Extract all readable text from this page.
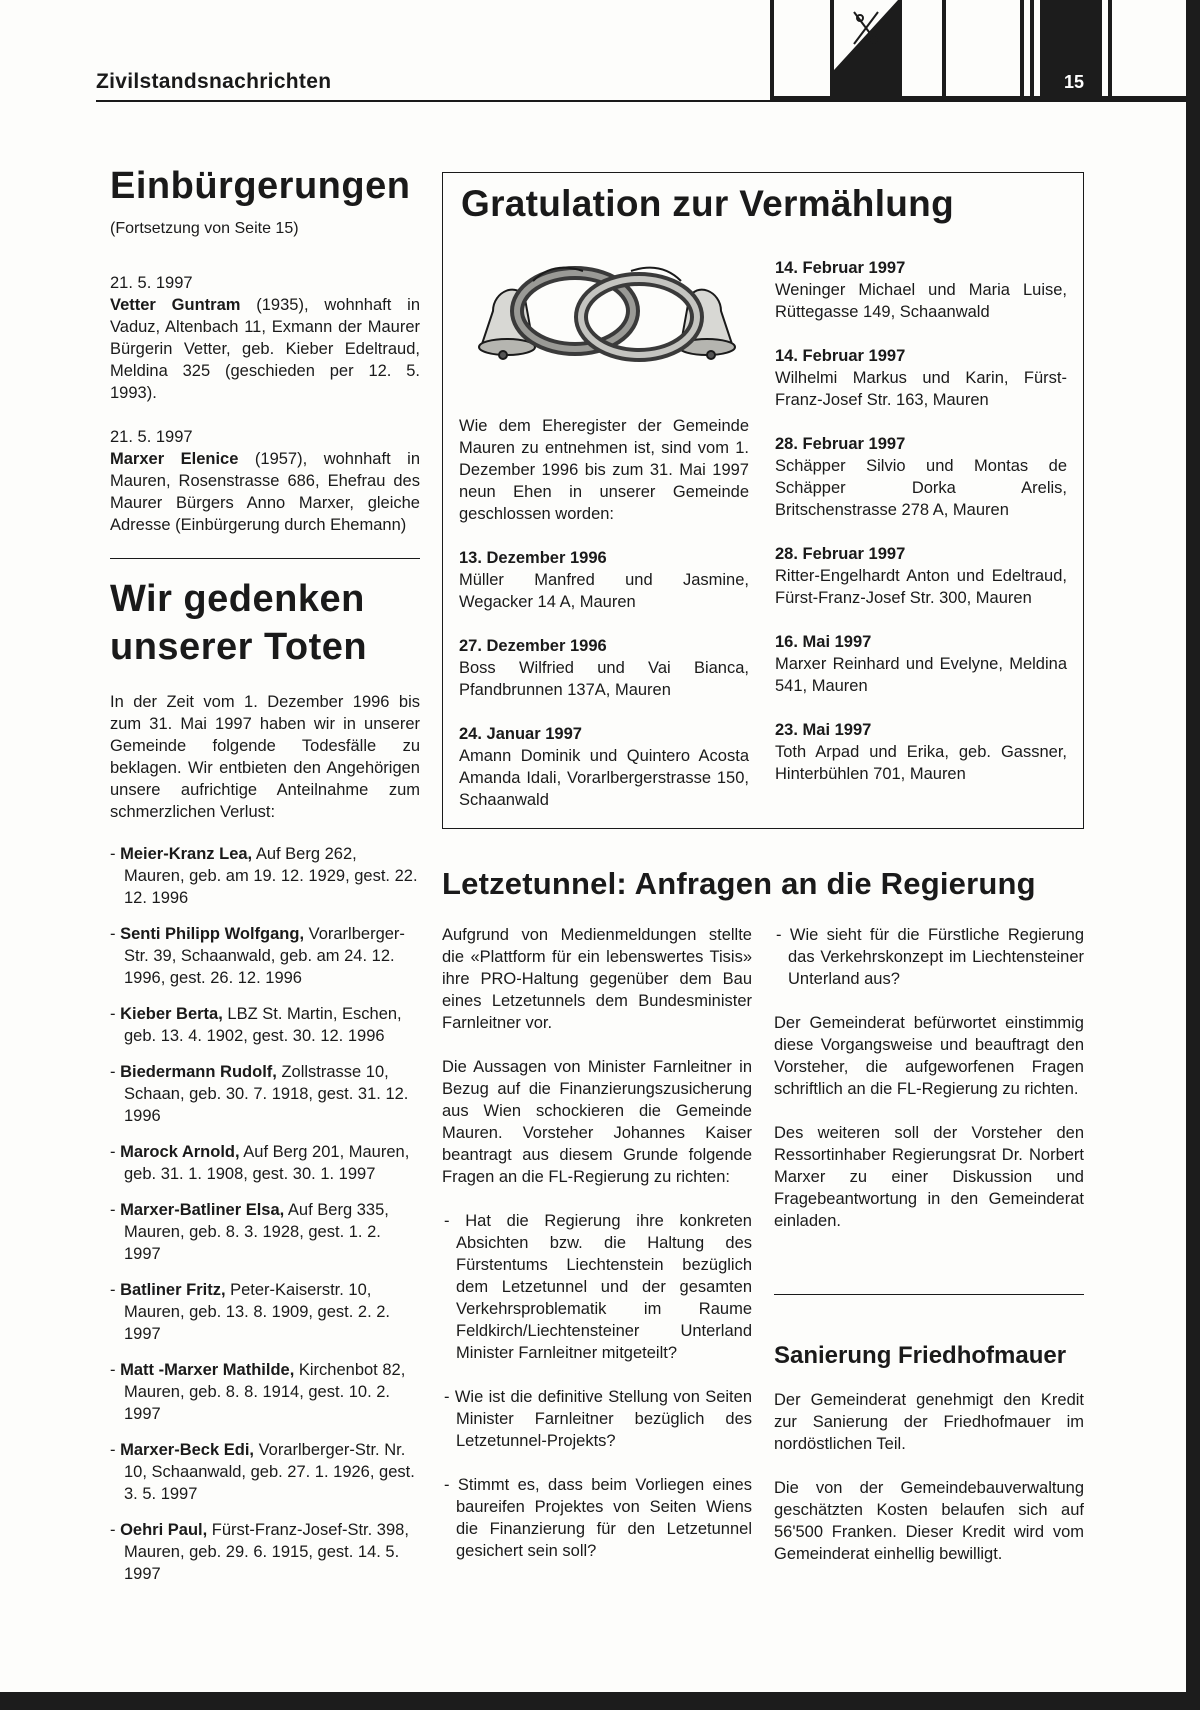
Zivilstandsnachrichten	15
Einbürgerungen
(Fortsetzung von Seite 15)
21. 5. 1997

Vetter Guntram (1935), wohnhaft in Vaduz, Altenbach 11, Exmann der Maurer Bürgerin Vetter, geb. Kieber Edeltraud, Meldina 325 (geschieden per 12. 5. 1993).

21. 5. 1997

Marxer Elenice (1957), wohnhaft in Mauren, Rosenstrasse 686, Ehefrau des Maurer Bürgers Anno Marxer, gleiche Adresse (Einbürgerung durch Ehemann)

Wir gedenken
unserer Toten

In der Zeit vom 1. Dezember 1996 bis zum 31. Mai 1997 haben wir in unserer Gemeinde folgende Todesfälle zu beklagen. Wir entbieten den Angehörigen unsere aufrichtige Anteilnahme zum schmerzlichen Verlust:

- Meier-Kranz Lea, Auf Berg 262, Mauren, geb. am 19. 12. 1929, gest. 22. 12. 1996
- Senti Philipp Wolfgang, Vorarlberger-Str. 39, Schaanwald, geb. am 24. 12. 1996, gest. 26. 12. 1996
- Kieber Berta, LBZ St. Martin, Eschen, geb. 13. 4. 1902, gest. 30. 12. 1996
- Biedermann Rudolf, Zollstrasse 10, Schaan, geb. 30. 7. 1918, gest. 31. 12. 1996
- Marock Arnold, Auf Berg 201, Mauren, geb. 31. 1. 1908, gest. 30. 1. 1997
- Marxer-Batliner Elsa, Auf Berg 335, Mauren, geb. 8. 3. 1928, gest. 1. 2. 1997
- Batliner Fritz, Peter-Kaiserstr. 10, Mauren, geb. 13. 8. 1909, gest. 2. 2. 1997
- Matt -Marxer Mathilde, Kirchenbot 82, Mauren, geb. 8. 8. 1914, gest. 10. 2. 1997
- Marxer-Beck Edi, Vorarlberger-Str. Nr. 10, Schaanwald, geb. 27. 1. 1926, gest. 3. 5. 1997
- Oehri Paul, Fürst-Franz-Josef-Str. 398, Mauren, geb. 29. 6. 1915, gest. 14. 5. 1997
Gratulation zur Vermählung
Wie dem Eheregister der Gemeinde Mauren zu entnehmen ist, sind vom 1. Dezember 1996 bis zum 31. Mai 1997 neun Ehen in unserer Gemeinde geschlossen worden:
13. Dezember 1996
Müller Manfred und Jasmine, Wegacker 14 A, Mauren
27. Dezember 1996
Boss Wilfried und Vai Bianca, Pfandbrunnen 137A, Mauren
24. Januar 1997
Amann Dominik und Quintero Acosta Amanda Idali, Vorarlbergerstrasse 150, Schaanwald
14. Februar 1997
Weninger Michael und Maria Luise, Rüttegasse 149, Schaanwald
14. Februar 1997
Wilhelmi Markus und Karin, Fürst-Franz-Josef Str. 163, Mauren
28. Februar 1997
Schäpper Silvio und Montas de Schäpper Dorka Arelis, Britschenstrasse 278 A, Mauren
28. Februar 1997
Ritter-Engelhardt Anton und Edeltraud, Fürst-Franz-Josef Str. 300, Mauren
16. Mai 1997
Marxer Reinhard und Evelyne, Meldina 541, Mauren
23. Mai 1997
Toth Arpad und Erika, geb. Gassner, Hinterbühlen 701, Mauren
Letzetunnel: Anfragen an die Regierung

Aufgrund von Medienmeldungen stellte die «Plattform für ein lebenswertes Tisis» ihre PRO-Haltung gegenüber dem Bau eines Letzetunnels dem Bundesminister Farnleitner vor.

Die Aussagen von Minister Farnleitner in Bezug auf die Finanzierungszusicherung aus Wien schockieren die Gemeinde Mauren. Vorsteher Johannes Kaiser beantragt aus diesem Grunde folgende Fragen an die FL-Regierung zu richten:

- Hat die Regierung ihre konkreten Absichten bzw. die Haltung des Fürstentums Liechtenstein bezüglich dem Letzetunnel und der gesamten Verkehrsproblematik im Raume Feldkirch/Liechtensteiner Unterland Minister Farnleitner mitgeteilt?
- Wie ist die definitive Stellung von Seiten Minister Farnleitner bezüglich des Letzetunnel-Projekts?
- Stimmt es, dass beim Vorliegen eines baureifen Projektes von Seiten Wiens die Finanzierung für den Letzetunnel gesichert sein soll?
- Wie sieht für die Fürstliche Regierung das Verkehrskonzept im Liechtensteiner Unterland aus?

Der Gemeinderat befürwortet einstimmig diese Vorgangsweise und beauftragt den Vorsteher, die aufgeworfenen Fragen schriftlich an die FL-Regierung zu richten.

Des weiteren soll der Vorsteher den Ressortinhaber Regierungsrat Dr. Norbert Marxer zu einer Diskussion und Fragebeantwortung in den Gemeinderat einladen.

Sanierung Friedhofmauer

Der Gemeinderat genehmigt den Kredit zur Sanierung der Friedhofmauer im nordöstlichen Teil.

Die von der Gemeindebauverwaltung geschätzten Kosten belaufen sich auf 56'500 Franken. Dieser Kredit wird vom Gemeinderat einhellig bewilligt.
